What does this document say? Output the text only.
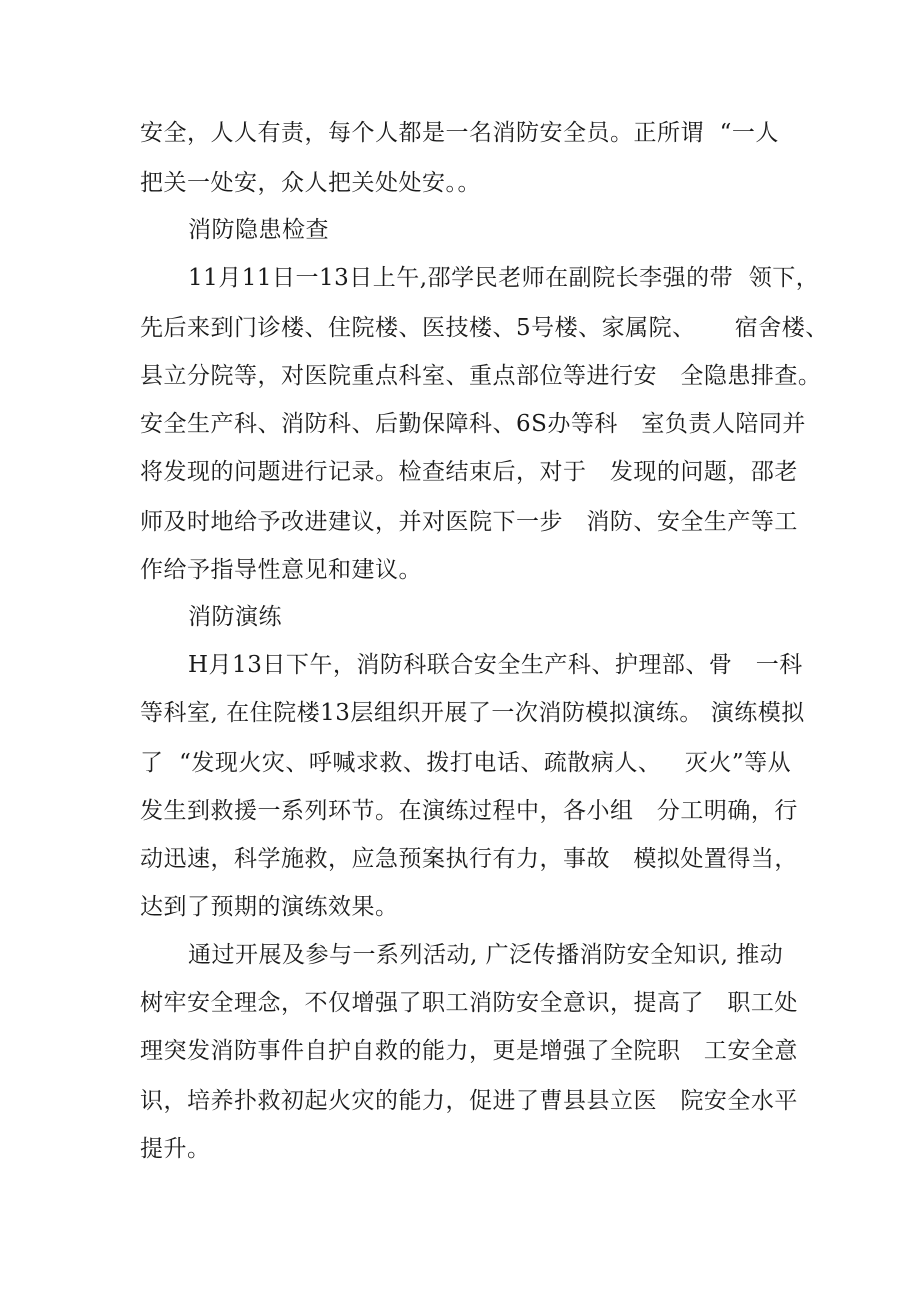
安全，人人有责，每个人都是一名消防安全员。正所谓  “一人
把关一处安，众人把关处处安。。
消防隐患检查
11月11日一13日上午,邵学民老师在副院长李强的带  领下，
先后来到门诊楼、住院楼、医技楼、5号楼、家属院、     宿舍楼、
县立分院等，对医院重点科室、重点部位等进行安   全隐患排查。
安全生产科、消防科、后勤保障科、6S办等科   室负责人陪同并
将发现的问题进行记录。检查结束后，对于   发现的问题，邵老
师及时地给予改进建议，并对医院下一步   消防、安全生产等工
作给予指导性意见和建议。
消防演练
H月13日下午，消防科联合安全生产科、护理部、骨   一科
等科室, 在住院楼13层组织开展了一次消防模拟演练。 演练模拟
了  “发现火灾、呼喊求救、拨打电话、疏散病人、   灭火”等从
发生到救援一系列环节。在演练过程中，各小组   分工明确，行
动迅速，科学施救，应急预案执行有力，事故   模拟处置得当，
达到了预期的演练效果。
通过开展及参与一系列活动, 广泛传播消防安全知识, 推动
树牢安全理念，不仅增强了职工消防安全意识，提高了   职工处
理突发消防事件自护自救的能力，更是增强了全院职   工安全意
识，培养扑救初起火灾的能力，促进了曹县县立医   院安全水平
提升。
